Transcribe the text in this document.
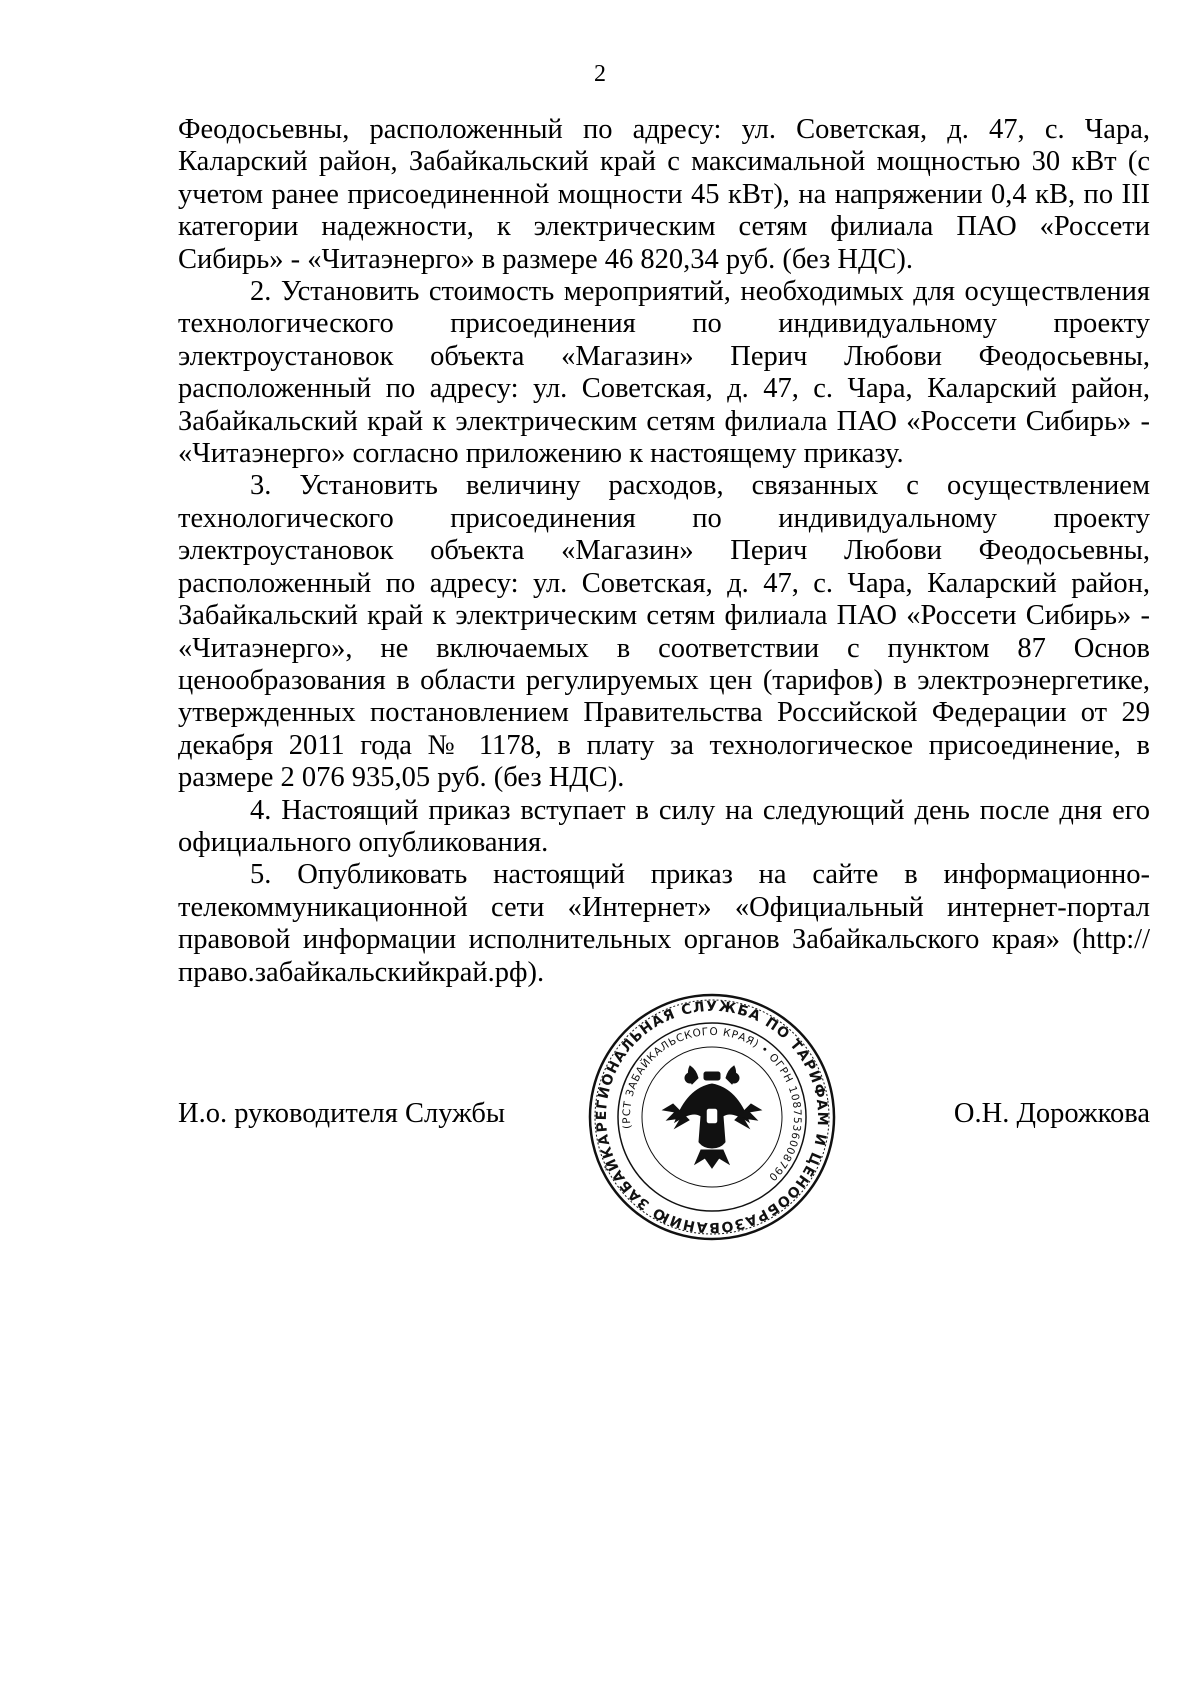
2

Феодосьевны, расположенный по адресу: ул. Советская, д. 47, с. Чара, Каларский район, Забайкальский край с максимальной мощностью 30 кВт (с учетом ранее присоединенной мощности 45 кВт), на напряжении 0,4 кВ, по III категории надежности, к электрическим сетям филиала ПАО «Россети Сибирь» - «Читаэнерго» в размере 46 820,34 руб. (без НДС).

2. Установить стоимость мероприятий, необходимых для осуществления технологического присоединения по индивидуальному проекту электроустановок объекта «Магазин» Перич Любови Феодосьевны, расположенный по адресу: ул. Советская, д. 47, с. Чара, Каларский район, Забайкальский край к электрическим сетям филиала ПАО «Россети Сибирь» - «Читаэнерго» согласно приложению к настоящему приказу.

3. Установить величину расходов, связанных с осуществлением технологического присоединения по индивидуальному проекту электроустановок объекта «Магазин» Перич Любови Феодосьевны, расположенный по адресу: ул. Советская, д. 47, с. Чара, Каларский район, Забайкальский край к электрическим сетям филиала ПАО «Россети Сибирь» - «Читаэнерго», не включаемых в соответствии с пунктом 87 Основ ценообразования в области регулируемых цен (тарифов) в электроэнергетике, утвержденных постановлением Правительства Российской Федерации от 29 декабря 2011 года № 1178, в плату за технологическое присоединение, в размере 2 076 935,05 руб. (без НДС).

4. Настоящий приказ вступает в силу на следующий день после дня его официального опубликования.

5. Опубликовать настоящий приказ на сайте в информационно-телекоммуникационной сети «Интернет» «Официальный интернет-портал правовой информации исполнительных органов Забайкальского края» (http://право.забайкальскийкрай.рф).

И.о. руководителя Службы	О.Н. Дорожкова
РЕГИОНАЛЬНАЯ СЛУЖБА ПО ТАРИФАМ И ЦЕНООБРАЗОВАНИЮ ЗАБАЙКАЛЬСКОГО
(РСТ ЗАБАЙКАЛЬСКОГО КРАЯ) • ОГРН 1087536008790
